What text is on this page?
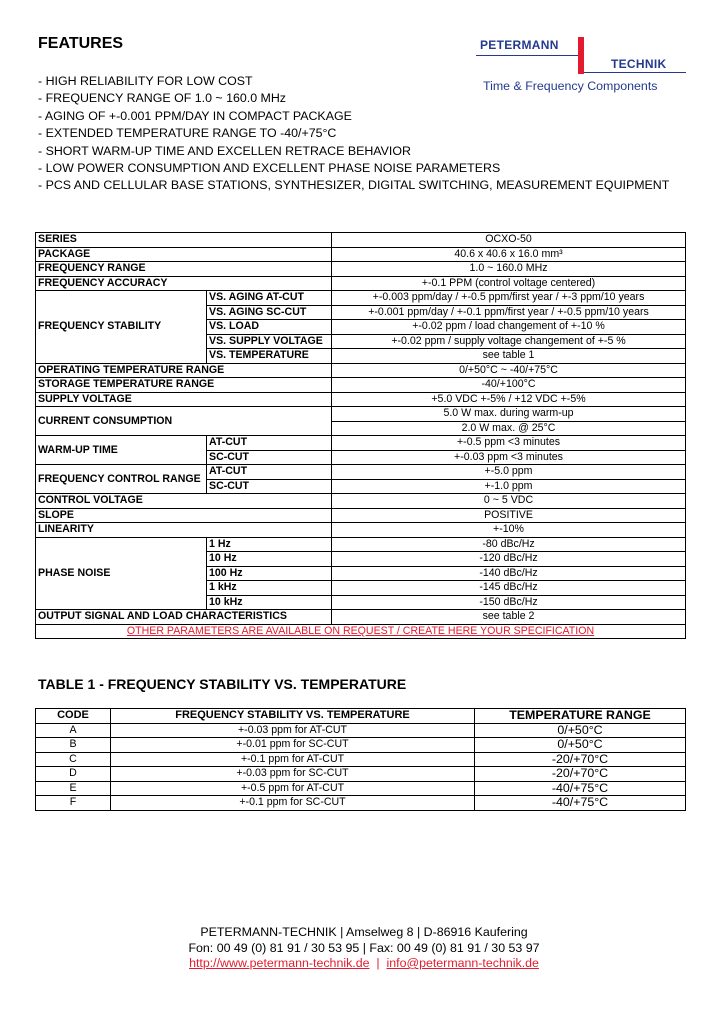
FEATURES
- HIGH RELIABILITY FOR LOW COST
- FREQUENCY RANGE OF 1.0 ~ 160.0 MHz
- AGING OF +-0.001 PPM/DAY IN COMPACT PACKAGE
- EXTENDED TEMPERATURE RANGE TO -40/+75°C
- SHORT WARM-UP TIME AND EXCELLEN RETRACE BEHAVIOR
- LOW POWER CONSUMPTION AND EXCELLENT PHASE NOISE PARAMETERS
- PCS AND CELLULAR BASE STATIONS, SYNTHESIZER, DIGITAL SWITCHING, MEASUREMENT EQUIPMENT
PETERMANN
TECHNIK
Time & Frequency Components
SERIES		OCXO-50
PACKAGE		40.6 x 40.6 x 16.0 mm³
FREQUENCY RANGE		1.0 ~ 160.0 MHz
FREQUENCY ACCURACY		+-0.1 PPM (control voltage centered)
FREQUENCY STABILITY	VS. AGING AT-CUT	+-0.003 ppm/day / +-0.5 ppm/first year / +-3 ppm/10 years
	VS. AGING SC-CUT	+-0.001 ppm/day / +-0.1 ppm/first year / +-0.5 ppm/10 years
	VS. LOAD	+-0.02 ppm / load changement of +-10 %
	VS. SUPPLY VOLTAGE	+-0.02 ppm / supply voltage changement of +-5 %
	VS. TEMPERATURE	see table 1
OPERATING TEMPERATURE RANGE		0/+50°C ~ -40/+75°C
STORAGE TEMPERATURE RANGE		-40/+100°C
SUPPLY VOLTAGE		+5.0 VDC +-5% / +12 VDC +-5%
CURRENT CONSUMPTION		5.0 W max. during warm-up
		2.0 W max. @ 25°C
WARM-UP TIME	AT-CUT	+-0.5 ppm <3 minutes
	SC-CUT	+-0.03 ppm <3 minutes
FREQUENCY CONTROL RANGE	AT-CUT	+-5.0 ppm
	SC-CUT	+-1.0 ppm
CONTROL VOLTAGE		0 ~ 5 VDC
SLOPE		POSITIVE
LINEARITY		+-10%
PHASE NOISE	1 Hz	-80 dBc/Hz
	10 Hz	-120 dBc/Hz
	100 Hz	-140 dBc/Hz
	1 kHz	-145 dBc/Hz
	10 kHz	-150 dBc/Hz
OUTPUT SIGNAL AND LOAD CHARACTERISTICS		see table 2
OTHER PARAMETERS ARE AVAILABLE ON REQUEST / CREATE HERE YOUR SPECIFICATION		
TABLE 1 - FREQUENCY STABILITY VS. TEMPERATURE
CODE	FREQUENCY STABILITY VS. TEMPERATURE	TEMPERATURE RANGE
A	+-0.03 ppm for AT-CUT	0/+50°C
B	+-0.01 ppm for SC-CUT	0/+50°C
C	+-0.1 ppm for AT-CUT	-20/+70°C
D	+-0.03 ppm for SC-CUT	-20/+70°C
E	+-0.5 ppm for AT-CUT	-40/+75°C
F	+-0.1 ppm for SC-CUT	-40/+75°C
PETERMANN-TECHNIK | Amselweg 8 | D-86916 Kaufering
Fon: 00 49 (0) 81 91 / 30 53 95 | Fax: 00 49 (0) 81 91 / 30 53 97
http://www.petermann-technik.de  |  info@petermann-technik.de
